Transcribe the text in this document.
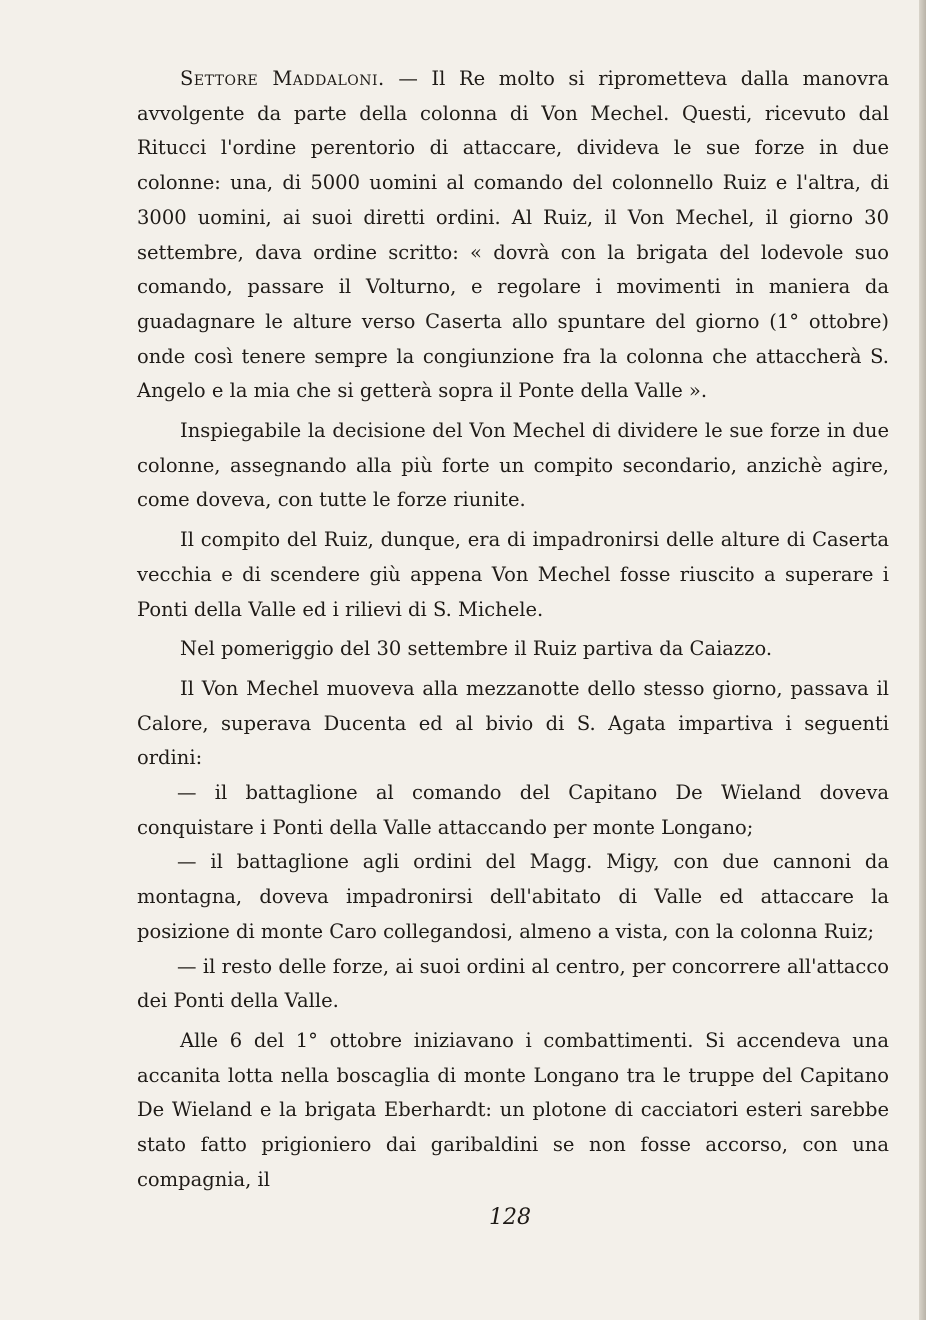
Settore Maddaloni. — Il Re molto si riprometteva dalla manovra avvolgente da parte della colonna di Von Mechel. Questi, ricevuto dal Ritucci l'ordine perentorio di attaccare, divideva le sue forze in due colonne: una, di 5000 uomini al comando del colonnello Ruiz e l'altra, di 3000 uomini, ai suoi diretti ordini. Al Ruiz, il Von Mechel, il giorno 30 settembre, dava ordine scritto: « dovrà con la brigata del lodevole suo comando, passare il Volturno, e regolare i movimenti in maniera da guadagnare le alture verso Caserta allo spuntare del giorno (1° ottobre) onde così tenere sempre la congiunzione fra la colonna che attaccherà S. Angelo e la mia che si getterà sopra il Ponte della Valle ».

Inspiegabile la decisione del Von Mechel di dividere le sue forze in due colonne, assegnando alla più forte un compito secondario, anzichè agire, come doveva, con tutte le forze riunite.

Il compito del Ruiz, dunque, era di impadronirsi delle alture di Caserta vecchia e di scendere giù appena Von Mechel fosse riuscito a superare i Ponti della Valle ed i rilievi di S. Michele.

Nel pomeriggio del 30 settembre il Ruiz partiva da Caiazzo.

Il Von Mechel muoveva alla mezzanotte dello stesso giorno, passava il Calore, superava Ducenta ed al bivio di S. Agata impartiva i seguenti ordini:

— il battaglione al comando del Capitano De Wieland doveva conquistare i Ponti della Valle attaccando per monte Longano;

— il battaglione agli ordini del Magg. Migy, con due cannoni da montagna, doveva impadronirsi dell'abitato di Valle ed attaccare la posizione di monte Caro collegandosi, almeno a vista, con la colonna Ruiz;

— il resto delle forze, ai suoi ordini al centro, per concorrere all'attacco dei Ponti della Valle.

Alle 6 del 1° ottobre iniziavano i combattimenti. Si accendeva una accanita lotta nella boscaglia di monte Longano tra le truppe del Capitano De Wieland e la brigata Eberhardt: un plotone di cacciatori esteri sarebbe stato fatto prigioniero dai garibaldini se non fosse accorso, con una compagnia, il

128
